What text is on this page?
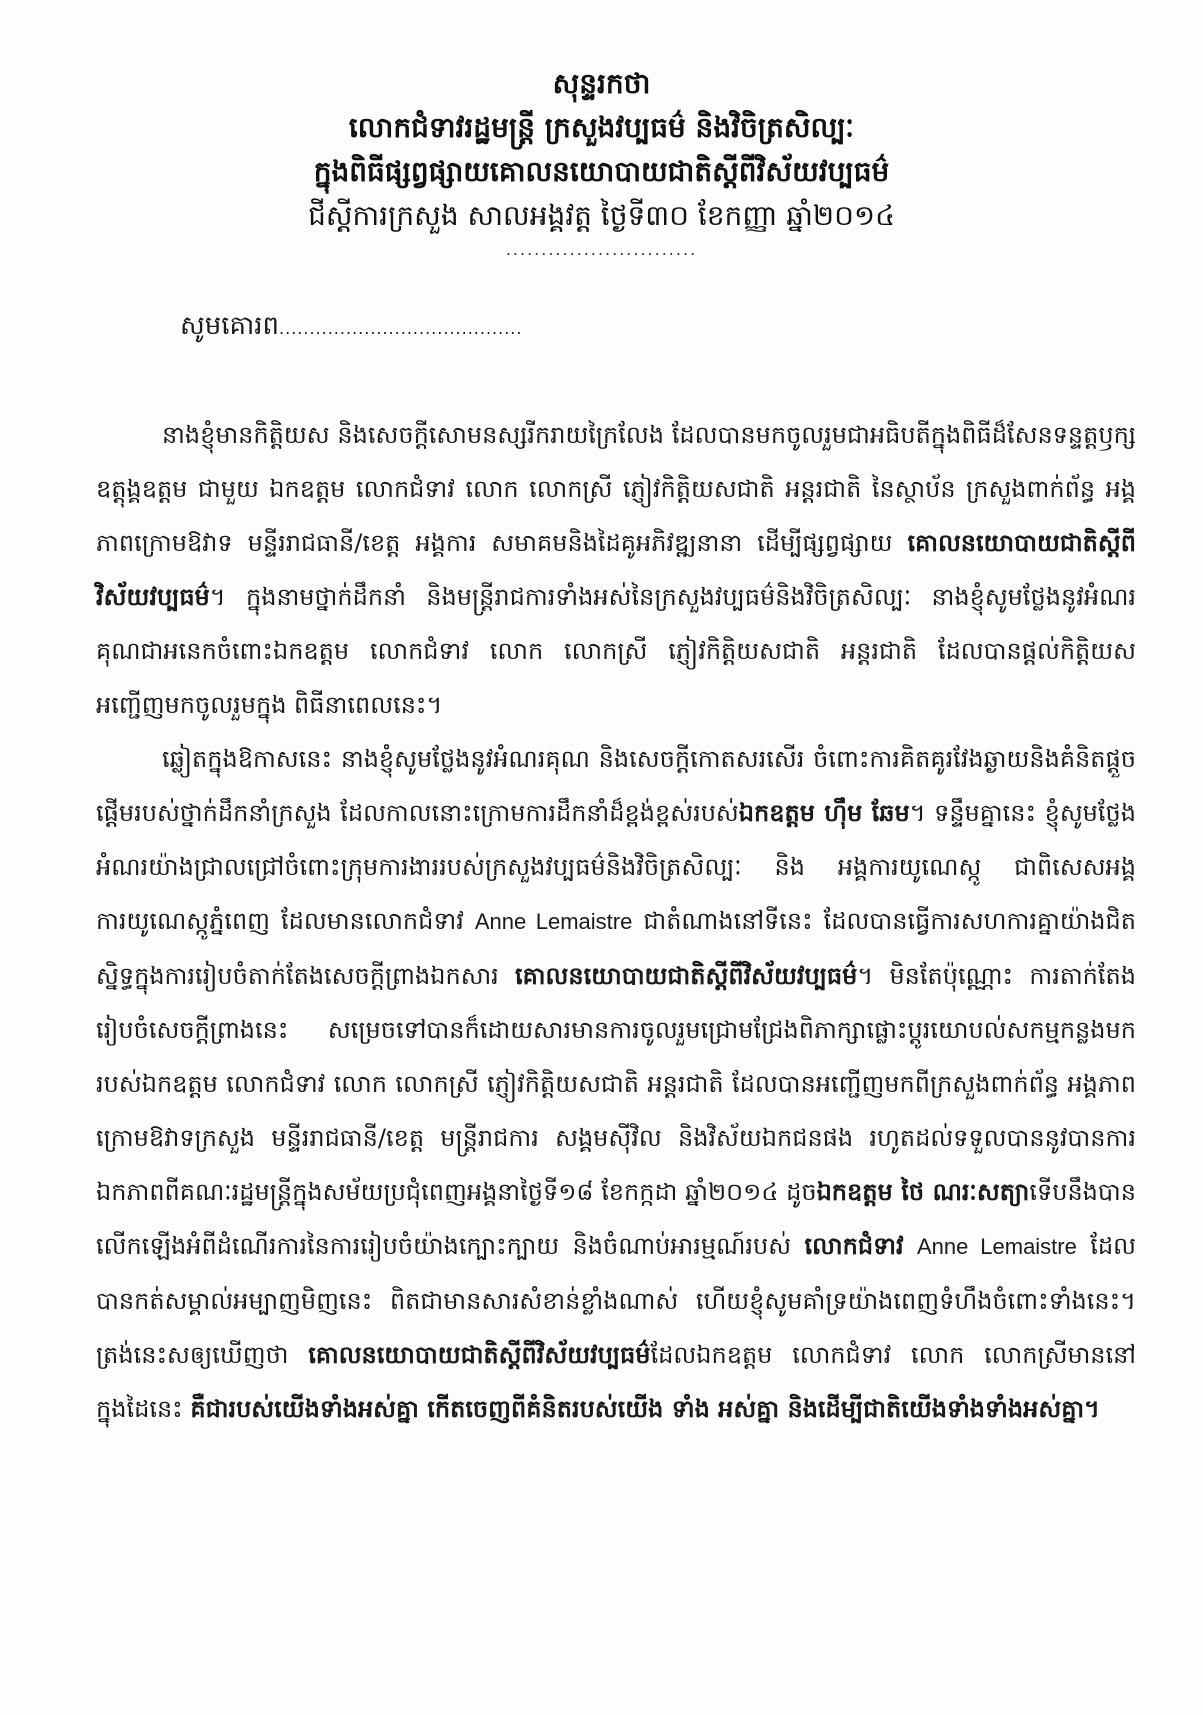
សុន្ទរកថា
លោកជំទាវរដ្ឋមន្ត្រី ក្រសួងវប្បធម៌ និងវិចិត្រសិល្បៈ
ក្នុងពិធីផ្សព្វផ្សាយគោលនយោបាយជាតិស្តីពីវិស័យវប្បធម៌
ជីស្តីការក្រសួង សាលអង្គវត្ត ថ្ងៃទី៣០ ខែកញ្ញា ឆ្នាំ២០១៤
...........................
សូមគោរព........................................

នាងខ្ញុំមានកិត្តិយស និងសេចក្តីសោមនស្សរីករាយក្រៃលែង ដែលបានមកចូលរួមជាអធិបតីក្នុងពិធីដ៏សែនទន្ទត្តឫក្ស ឧត្តុង្គឧត្តម ជាមួយ ឯកឧត្តម លោកជំទាវ លោក លោកស្រី ភ្ញៀវកិត្តិយសជាតិ អន្តរជាតិ នៃស្ថាប័ន ក្រសួងពាក់ព័ន្ធ អង្គភាពក្រោមឱវាទ មន្ទីររាជធានី/ខេត្ត អង្គការ សមាគមនិងដៃគូអភិវឌ្ឍនានា ដើម្បីផ្សព្វផ្សាយ គោលនយោបាយជាតិស្តីពីវិស័យវប្បធម៌។ ក្នុងនាមថ្នាក់ដឹកនាំ និងមន្ត្រីរាជការទាំងអស់នៃក្រសួងវប្បធម៌និងវិចិត្រសិល្បៈ នាងខ្ញុំសូមថ្លែងនូវអំណរគុណជាអនេកចំពោះឯកឧត្តម លោកជំទាវ លោក លោកស្រី ភ្ញៀវកិត្តិយសជាតិ អន្តរជាតិ ដែលបានផ្តល់កិត្តិយស អញ្ជើញមកចូលរួមក្នុង ពិធីនាពេលនេះ។

ឆ្លៀតក្នុងឱកាសនេះ នាងខ្ញុំសូមថ្លែងនូវអំណរគុណ និងសេចក្តីកោតសរសើរ ចំពោះការគិតគូរវែងឆ្ងាយនិងគំនិតផ្តួចផ្តើមរបស់ថ្នាក់ដឹកនាំក្រសួង ដែលកាលនោះក្រោមការដឹកនាំដ៏ខ្ពង់ខ្ពស់របស់ឯកឧត្តម ហ៊ឹម ឆែម។ ទន្ទឹមគ្នានេះ ខ្ញុំសូមថ្លែងអំណរយ៉ាងជ្រាលជ្រៅចំពោះក្រុមការងាររបស់ក្រសួងវប្បធម៌និងវិចិត្រសិល្បៈ និង អង្គការយូណេស្កូ ជាពិសេសអង្គការយូណេស្កូភ្នំពេញ ដែលមានលោកជំទាវ Anne Lemaistre ជាតំណាងនៅទីនេះ ដែលបានធ្វើការសហការគ្នាយ៉ាងជិតស្និទ្ធក្នុងការរៀបចំតាក់តែងសេចក្តីព្រាងឯកសារ គោលនយោបាយជាតិស្តីពីវិស័យវប្បធម៌។ មិនតែប៉ុណ្ណោះ ការតាក់តែងរៀបចំសេចក្តីព្រាងនេះ សម្រេចទៅបានក៏ដោយសារមានការចូលរួមជ្រោមជ្រែងពិភាក្សាផ្លោះប្តូរយោបល់សកម្មកន្លងមករបស់ឯកឧត្តម លោកជំទាវ លោក លោកស្រី ភ្ញៀវកិត្តិយសជាតិ អន្តរជាតិ ដែលបានអញ្ជើញមកពីក្រសួងពាក់ព័ន្ធ អង្គភាពក្រោមឱវាទក្រសួង មន្ទីររាជធានី/ខេត្ត មន្ត្រីរាជការ សង្គមស៊ីវិល និងវិស័យឯកជនផង រហូតដល់ទទួលបាននូវបានការឯកភាពពីគណៈរដ្ឋមន្ត្រីក្នុងសម័យប្រជុំពេញអង្គនាថ្ងៃទី១៨ ខែកក្កដា ឆ្នាំ២០១៤ ដូចឯកឧត្តម ថៃ ណរៈសត្យាទើបនឹងបានលើកឡើងអំពីដំណើរការនៃការរៀបចំយ៉ាងក្បោះក្បាយ និងចំណាប់អារម្មណ៍របស់ លោកជំទាវ Anne Lemaistre ដែលបានកត់សម្គាល់អម្បាញមិញនេះ ពិតជាមានសារសំខាន់ខ្លាំងណាស់ ហើយខ្ញុំសូមគាំទ្រយ៉ាងពេញទំហឹងចំពោះទាំងនេះ។ ត្រង់នេះសឲ្យឃើញថា គោលនយោបាយជាតិស្តីពីវិស័យវប្បធម៌ដែលឯកឧត្តម លោកជំទាវ លោក លោកស្រីមាននៅក្នុងដៃនេះ គឺជារបស់យើងទាំងអស់គ្នា កើតចេញពីគំនិតរបស់យើង ទាំង អស់គ្នា និងដើម្បីជាតិយើងទាំងទាំងអស់គ្នា។
